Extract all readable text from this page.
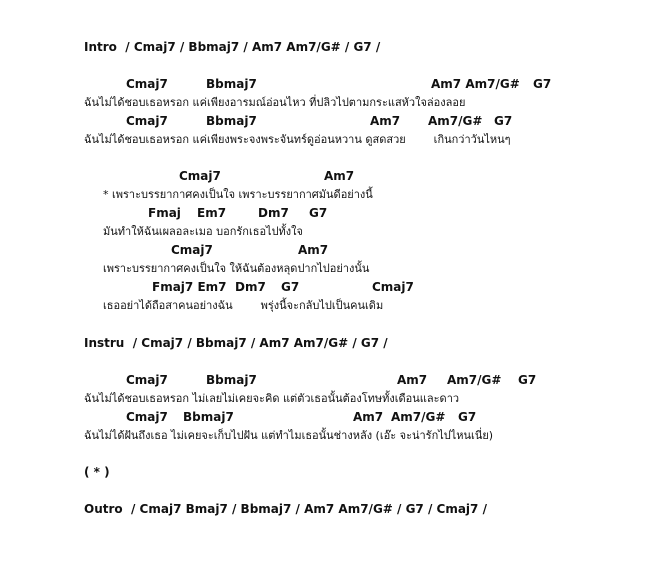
Intro  / Cmaj7 / Bbmaj7 / Am7 Am7/G# / G7 /
Cmaj7	Bbmaj7	Am7 Am7/G# G7
ฉันไม่ได้ชอบเธอหรอก แค่เพียงอารมณ์อ่อนไหว ที่ปลิวไปตามกระแสหัวใจล่องลอย
Cmaj7	Bbmaj7	Am7 Am7/G# G7
ฉันไม่ได้ชอบเธอหรอก แค่เพียงพระจงพระจันทร์ดูอ่อนหวาน ดูสดสวย        เกินกว่าวันไหนๆ
Cmaj7	Am7
* เพราะบรรยากาศคงเป็นใจ เพราะบรรยากาศมันดีอย่างนี้
Fmaj Em7	Dm7 G7
มันทำให้ฉันเผลอละเมอ บอกรักเธอไปทั้งใจ
Cmaj7	Am7
เพราะบรรยากาศคงเป็นใจ ให้ฉันต้องหลุดปากไปอย่างนั้น
Fmaj7 Em7 Dm7 G7	Cmaj7
เธออย่าได้ถือสาคนอย่างฉัน        พรุ่งนี้จะกลับไปเป็นคนเดิม
Instru  / Cmaj7 / Bbmaj7 / Am7 Am7/G# / G7 /
Cmaj7	Bbmaj7	Am7 Am7/G# G7
ฉันไม่ได้ชอบเธอหรอก ไม่เลยไม่เคยจะคิด แต่ตัวเธอนั้นต้องโทษทั้งเดือนและดาว
Cmaj7 Bbmaj7	Am7 Am7/G# G7
ฉันไม่ได้ฝันถึงเธอ ไม่เคยจะเก็บไปฝัน แต่ทำไมเธอนั้นช่างหลัง (เอ๊ะ จะน่ารักไปไหนเนี่ย)
( * )
Outro  / Cmaj7 Bmaj7 / Bbmaj7 / Am7 Am7/G# / G7 / Cmaj7 /
